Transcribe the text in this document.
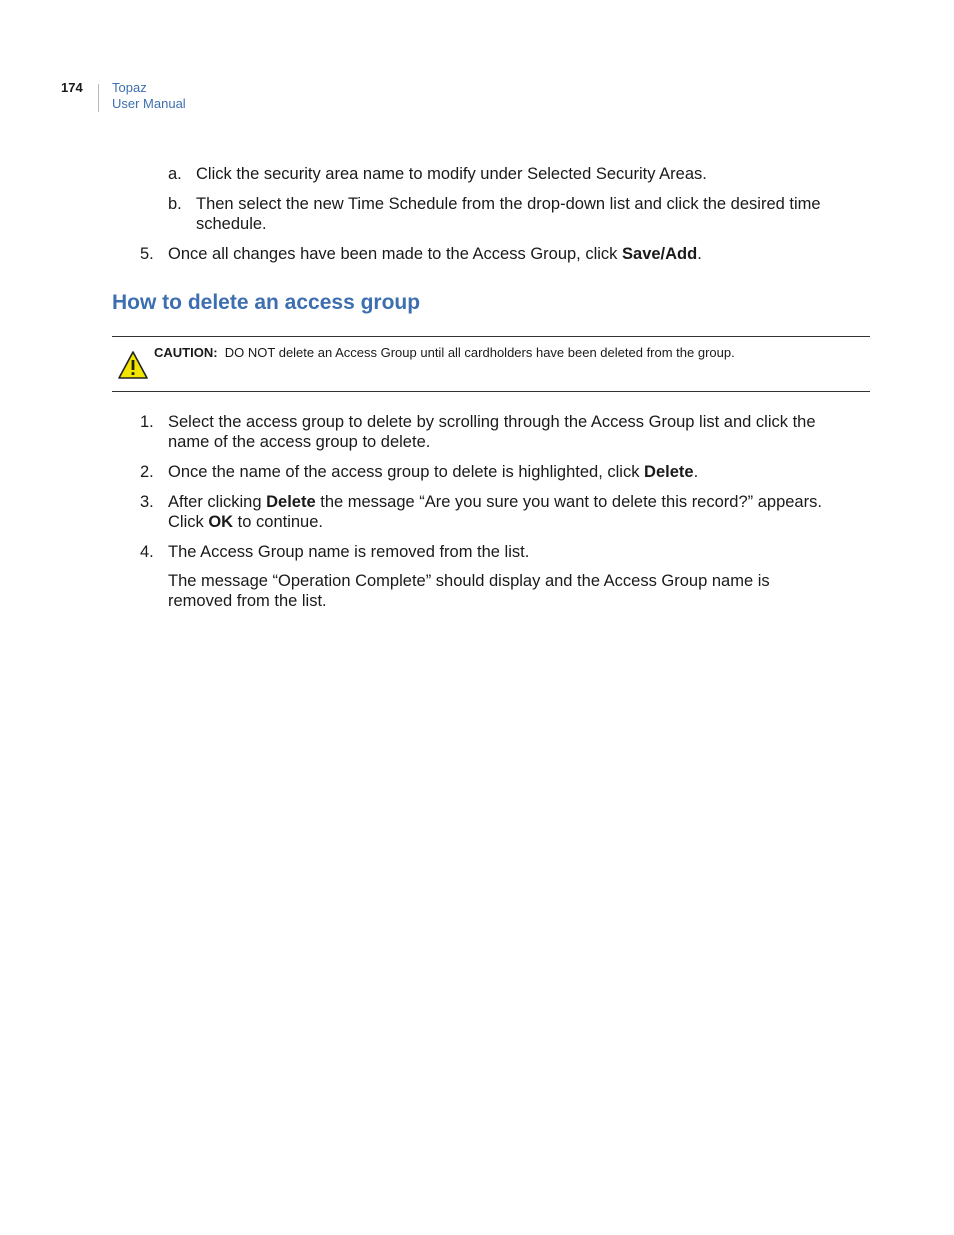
174 Topaz
User Manual
a. Click the security area name to modify under Selected Security Areas.
b. Then select the new Time Schedule from the drop-down list and click the desired time
schedule.
5. Once all changes have been made to the Access Group, click Save/Add.
How to delete an access group
CAUTION: DO NOT delete an Access Group until all cardholders have been deleted from the group.
1. Select the access group to delete by scrolling through the Access Group list and click the
name of the access group to delete.
2. Once the name of the access group to delete is highlighted, click Delete.
3. After clicking Delete the message “Are you sure you want to delete this record?” appears.
Click OK to continue.
4. The Access Group name is removed from the list.
The message “Operation Complete” should display and the Access Group name is
removed from the list.
